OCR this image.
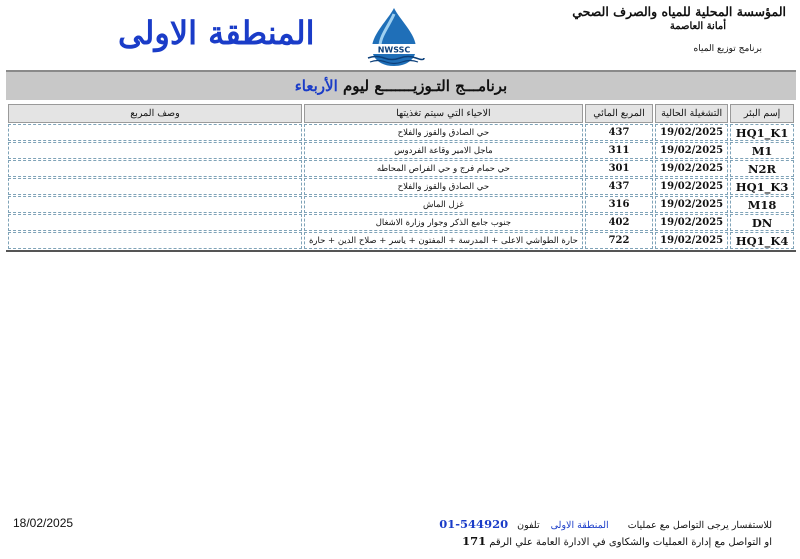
المؤسسة المحلية للمياه والصرف الصحي
أمانة العاصمة
برنامج توزيع المياه
NWSSC
المنطقة الاولى
برنامـــج التـوزيـــــــع ليوم الأربعاء
إسم البئر	التشغيلة الحالية	المربع المائي	الاحياء التي سيتم تغذيتها	وصف المربع
HQ1_K1	19/02/2025	437	حي الصادق والقوز والفلاح	
M1	19/02/2025	311	ماجل الامير وقاعة الفردوس	
N2R	19/02/2025	301	حي حمام فرج و حي الفراص المحاطه	
HQ1_K3	19/02/2025	437	حي الصادق والقوز والفلاح	
M18	19/02/2025	316	غزل الماش	
DN	19/02/2025	402	جنوب جامع الذكر وجوار وزارة الاشغال	
HQ1_K4	19/02/2025	722	حارة الطواشي الاعلى + المدرسة + المفتون + ياسر + صلاح الدين + حارة	
18/02/2025	للاستفسار يرجى التواصل مع عمليات المنطقة الاولى تلفون 01-544920
او التواصل مع إدارة العمليات والشكاوى في الادارة العامة علي الرقم 171
